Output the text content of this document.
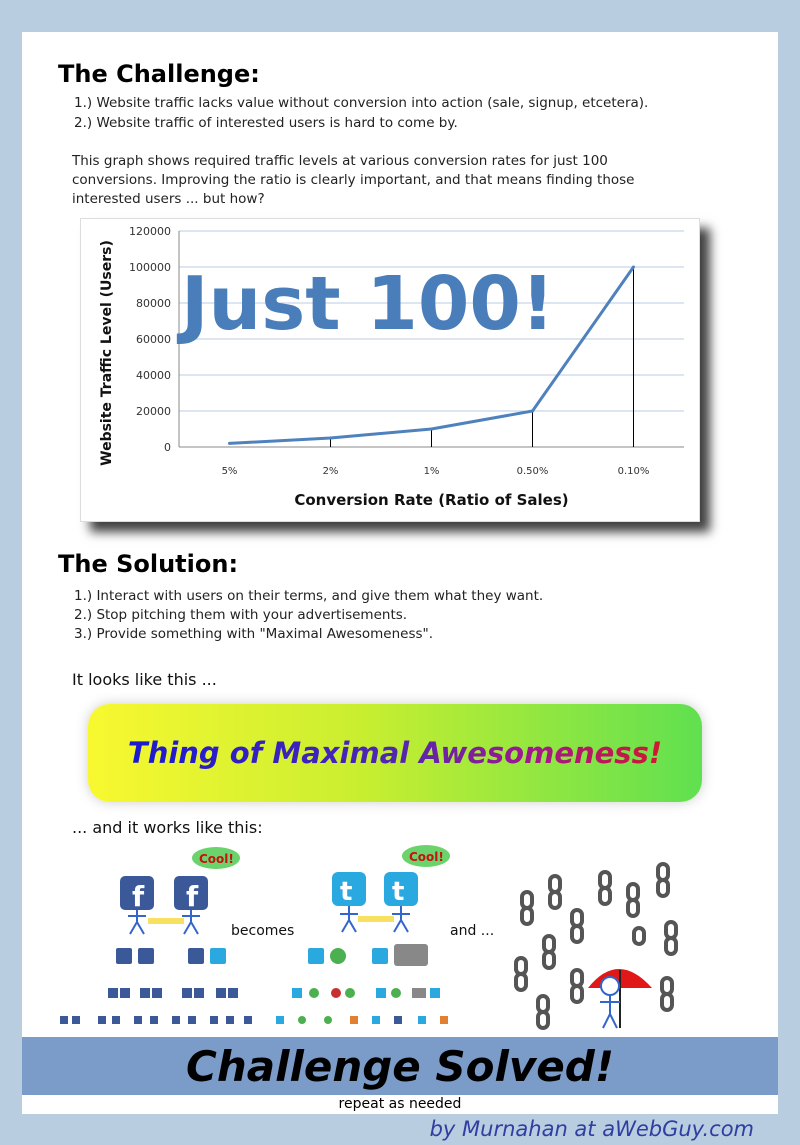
The Challenge:
1.) Website traffic lacks value without conversion into action (sale, signup, etcetera).
2.) Website traffic of interested users is hard to come by.
This graph shows required traffic levels at various conversion rates for just 100
conversions. Improving the ratio is clearly important, and that means finding those
interested users ... but how?
120000
100000
80000
60000
40000
20000
0
5%	2%	1%	0.50%	0.10%
Just 100!
Conversion Rate (Ratio of Sales)
Website Traffic Level (Users)
The Solution:
1.) Interact with users on their terms, and give them what they want.
2.) Stop pitching them with your advertisements.
3.) Provide something with "Maximal Awesomeness".
It looks like this ...
Thing of Maximal Awesomeness!
... and it works like this:
f f
Cool!
becomes
t t
Cool!
and ...
Challenge Solved!
repeat as needed
by Murnahan at aWebGuy.com
